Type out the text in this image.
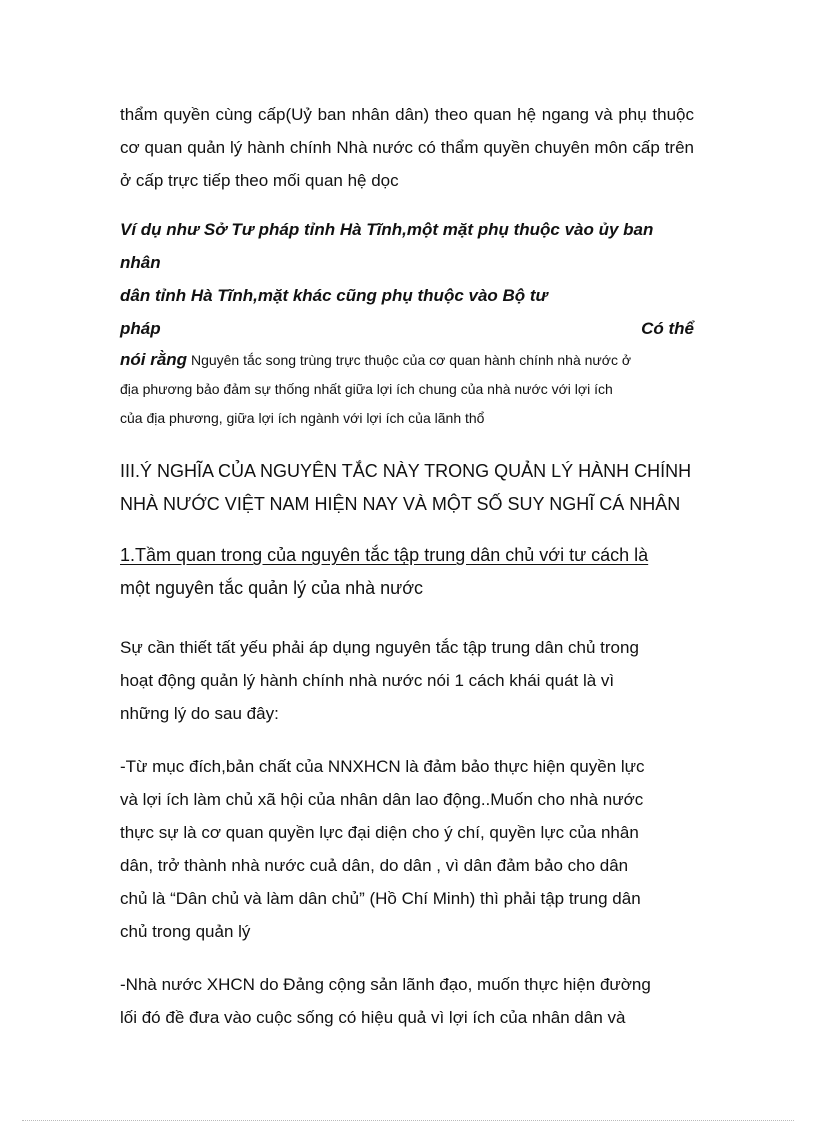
thẩm quyền cùng cấp(Uỷ ban nhân dân) theo quan hệ ngang và phụ thuộc cơ quan quản lý hành chính Nhà nước có thẩm quyền chuyên môn cấp trên ở cấp trực tiếp theo mối quan hệ dọc

Ví dụ như Sở Tư pháp tỉnh Hà Tĩnh,một mặt phụ thuộc vào ủy ban nhân
dân tỉnh Hà Tĩnh,mặt khác cũng phụ thuộc vào Bộ tư
pháp	Có thể
nói rằng Nguyên tắc song trùng trực thuộc của cơ quan hành chính nhà nước ở
địa phương bảo đảm sự thống nhất giữa lợi ích chung của nhà nước với lợi ích
của địa phương, giữa lợi ích ngành với lợi ích của lãnh thổ
III.Ý NGHĨA CỦA NGUYÊN TẮC NÀY TRONG QUẢN LÝ HÀNH CHÍNH
NHÀ NƯỚC VIỆT NAM HIỆN NAY VÀ MỘT SỐ SUY NGHĨ CÁ NHÂN
1.Tầm quan trong của nguyên tắc tập trung dân chủ với tư cách là
một nguyên tắc quản lý của nhà nước
Sự cần thiết tất yếu phải áp dụng nguyên tắc tập trung dân chủ trong
hoạt động quản lý hành chính nhà nước nói 1 cách khái quát là vì
những lý do sau đây:
-Từ mục đích,bản chất của NNXHCN là đảm bảo thực hiện quyền lực
và lợi ích làm chủ xã hội của nhân dân lao động..Muốn cho nhà nước
thực sự là cơ quan quyền lực đại diện cho ý chí, quyền lực của nhân
dân, trở thành nhà nước cuả dân, do dân , vì dân đảm bảo cho dân
chủ là “Dân chủ và làm dân chủ” (Hồ Chí Minh) thì phải tập trung dân
chủ trong quản lý
-Nhà nước XHCN do Đảng cộng sản lãnh đạo, muốn thực hiện đường
lối đó đề đưa vào cuộc sống có hiệu quả vì lợi ích của nhân dân và
